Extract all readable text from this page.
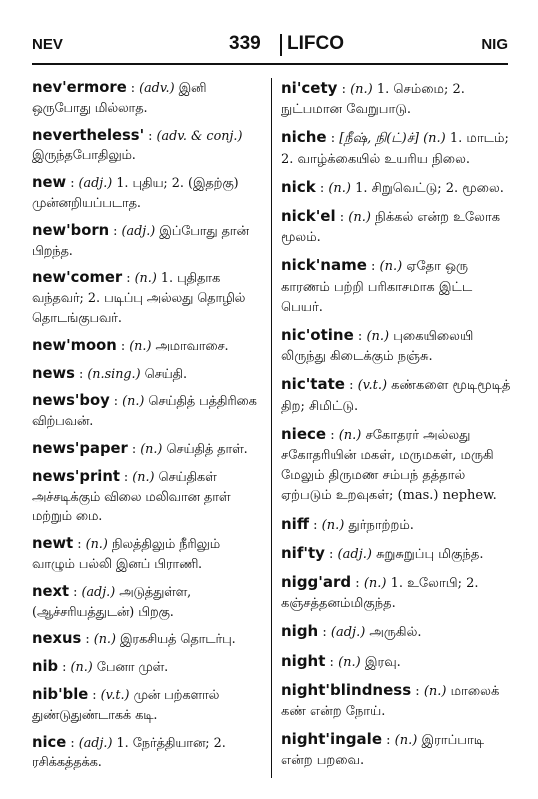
NEV	339 LIFCO	NIG
nev'ermore : (adv.) இனி ஒருபோது மில்லாத.
nevertheless' : (adv. & conj.) இருந்தபோதிலும்.
new : (adj.) 1. புதிய; 2. (இதற்கு) முன்னறியப்படாத.
new'born : (adj.) இப்போது தான் பிறந்த.
new'comer : (n.) 1. புதிதாக வந்தவர்; 2. படிப்பு அல்லது தொழில் தொடங்குபவர்.
new'moon : (n.) அமாவாசை.
news : (n.sing.) செய்தி.
news'boy : (n.) செய்தித் பத்திரிகை விற்பவன்.
news'paper : (n.) செய்தித் தாள்.
news'print : (n.) செய்திகள் அச்சடிக்கும் விலை மலிவான தாள் மற்றும் மை.
newt : (n.) நிலத்திலும் நீரிலும் வாழும் பல்லி இனப் பிராணி.
next : (adj.) அடுத்துள்ள, (ஆச்சரியத்துடன்) பிறகு.
nexus : (n.) இரகசியத் தொடர்பு.
nib : (n.) பேனா முள்.
nib'ble : (v.t.) முன் பற்களால் துண்டுதுண்டாகக் கடி.
nice : (adj.) 1. நேர்த்தியான; 2. ரசிக்கத்தக்க.
ni'cety : (n.) 1. செம்மை; 2. நுட்பமான வேறுபாடு.
niche : [நீஷ், நி(ட்)ச்] (n.) 1. மாடம்; 2. வாழ்க்கையில் உயரிய நிலை.
nick : (n.) 1. சிறுவெட்டு; 2. மூலை.
nick'el : (n.) நிக்கல் என்ற உலோக மூலம்.
nick'name : (n.) ஏதோ ஒரு காரணம் பற்றி பரிகாசமாக இட்ட பெயர்.
nic'otine : (n.) புகையிலையி லிருந்து கிடைக்கும் நஞ்சு.
nic'tate : (v.t.) கண்களை மூடிமூடித் திற; சிமிட்டு.
niece : (n.) சகோதரர் அல்லது சகோதரியின் மகள், மருமகள், மருகி மேலும் திருமண சம்பந் தத்தால் ஏற்படும் உறவுகள்; (mas.) nephew.
niff : (n.) துர்நாற்றம்.
nif'ty : (adj.) சுறுசுறுப்பு மிகுந்த.
nigg'ard : (n.) 1. உலோபி; 2. கஞ்சத்தனம்மிகுந்த.
nigh : (adj.) அருகில்.
night : (n.) இரவு.
night'blindness : (n.) மாலைக் கண் என்ற நோய்.
night'ingale : (n.) இராப்பாடி என்ற பறவை.
